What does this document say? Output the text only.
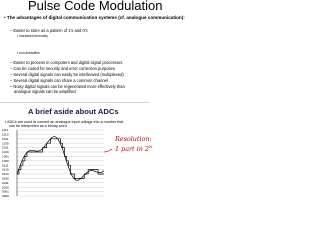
Pulse Code Modulation
• The advantages of digital communication systems (cf. analogue communication):
– Easier to store as a pattern of 1's and 0's
• Increased Immunity
• non-linearities
– Easier to process in computers and digital signal processors
– Can be coded for security and error correction purposes
– Several digital signals can easily be interleaved (multiplexed)
– Several digital signals can share a common channel
– Noisy digital signals can be regenerated more effectively than
analogue signals can be amplified
A brief aside about ADCs
• ADCs are used to convert an analogue input voltage into a number that
can be interpreted as a binary word
1111
1110
1101
1100
1011
1010
1001
1000
0111
0110
0101
0100
0011
0010
0001
0000
Resolution:
1 part in $2^N$
